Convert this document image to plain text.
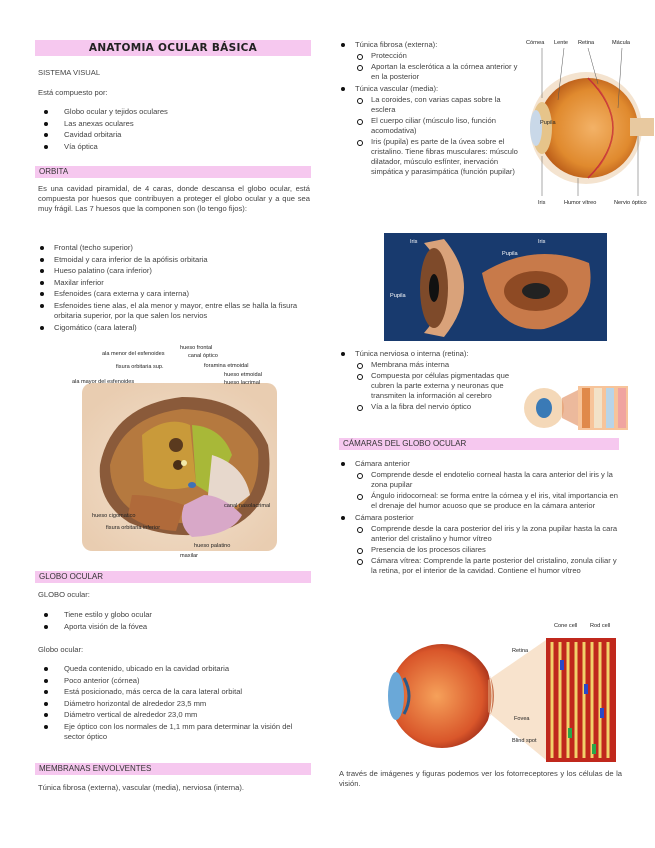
ANATOMIA OCULAR BÁSICA
SISTEMA VISUAL
Está compuesto por:
Globo ocular y tejidos oculares
Las anexas oculares
Cavidad orbitaria
Vía óptica
ORBITA
Es una cavidad piramidal, de 4 caras, donde descansa el globo ocular, está compuesta por huesos que contribuyen a proteger el globo ocular y a que sea muy frágil. Las 7 huesos que la componen son (lo tengo fijos):
Frontal (techo superior)
Etmoidal y cara inferior de la apófisis orbitaria
Hueso palatino (cara inferior)
Maxilar inferior
Esfenoides (cara externa y cara interna)
Esfenoides tiene alas, el ala menor y mayor, entre ellas se halla la fisura orbitaria superior, por la que salen los nervios
Cigomático (cara lateral)
ala menor del esfenoides
hueso frontal
canal óptico
fisura orbitaria sup.	foramina etmoidal
ala mayor del esfenoides
hueso etmoidal
hueso lacrimal
hueso cigomatico
fisura orbitaria inferior
canal nasolacrimal
hueso palatino
maxilar
GLOBO OCULAR
GLOBO ocular:
Tiene estilo y globo ocular
Aporta visión de la fóvea
Globo ocular:
Queda contenido, ubicado en la cavidad orbitaria
Poco anterior (córnea)
Está posicionado, más cerca de la cara lateral orbital
Diámetro horizontal de alrededor 23,5 mm
Diámetro vertical de alrededor 23,0 mm
Eje óptico con los normales de 1,1 mm para determinar la visión del sector óptico
MEMBRANAS ENVOLVENTES
Túnica fibrosa (externa), vascular (media), nerviosa (interna).
Túnica fibrosa (externa):
Protección
Aportan la esclerótica a la córnea anterior y en la posterior
Túnica vascular (media):
La coroides, con varias capas sobre la esclera
El cuerpo ciliar (músculo liso, función acomodativa)
Iris (pupila) es parte de la úvea sobre el cristalino. Tiene fibras musculares: músculo dilatador, músculo esfínter, inervación simpática y parasimpática (función pupilar)
Córnea Lente Retina	Mácula
Pupila
Iris	Humor vítreo	Nervio óptico
Iris
Pupila
Pupila
Iris
Túnica nerviosa o interna (retina):
Membrana más interna
Compuesta por células pigmentadas que cubren la parte externa y neuronas que transmiten la información al cerebro
Vía a la fibra del nervio óptico
CÁMARAS DEL GLOBO OCULAR
Cámara anterior
Comprende desde el endotelio corneal hasta la cara anterior del iris y la zona pupilar
Ángulo iridocorneal: se forma entre la córnea y el iris, vital importancia en el drenaje del humor acuoso que se produce en la cámara anterior
Cámara posterior
Comprende desde la cara posterior del iris y la zona pupilar hasta la cara anterior del cristalino y humor vítreo
Presencia de los procesos ciliares
Cámara vítrea: Comprende la parte posterior del cristalino, zonula ciliar y la retina, por el interior de la cavidad. Contiene el humor vítreo
Cone cell Rod cell
Retina
Fovea
Blind spot
A través de imágenes y figuras podemos ver los fotorreceptores y los células de la visión.
